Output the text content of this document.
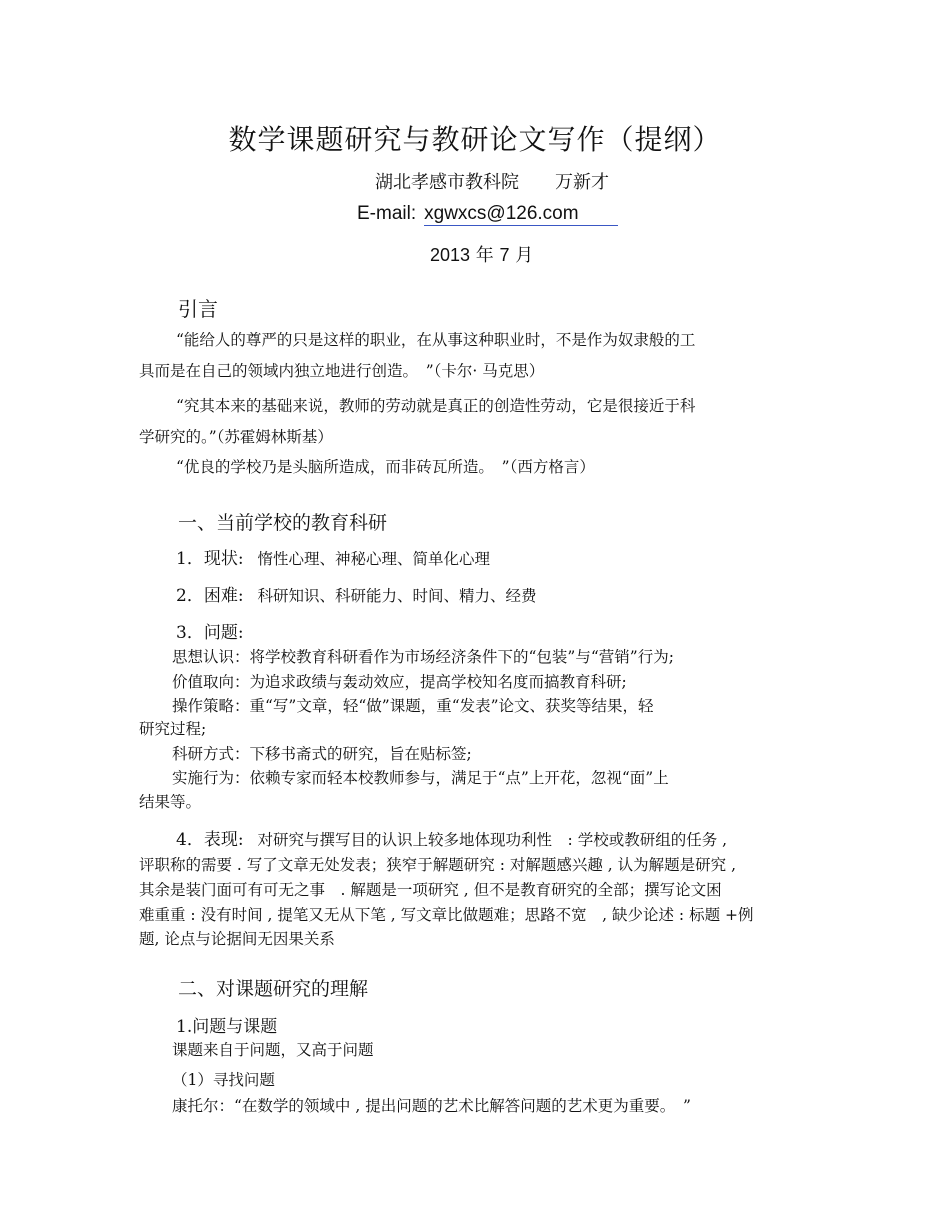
数学课题研究与教研论文写作（提纲）
湖北孝感市教科院 万新才
E-mail: xgwxcs@126.com
2013 年 7 月
引言
“能给人的尊严的只是这样的职业，在从事这种职业时，不是作为奴隶般的工
具而是在自己的领域内独立地进行创造。　”（卡尔· 马克思）
“究其本来的基础来说，教师的劳动就是真正的创造性劳动，它是很接近于科
学研究的。”（苏霍姆林斯基）
“优良的学校乃是头脑所造成，而非砖瓦所造。　”（西方格言）
一、当前学校的教育科研
1．现状: 惰性心理、神秘心理、简单化心理
2．困难: 科研知识、科研能力、时间、精力、经费
3．问题:
思想认识：将学校教育科研看作为市场经济条件下的“包装”与“营销”行为;
价值取向：为追求政绩与轰动效应，提高学校知名度而搞教育科研;
操作策略：重“写”文章，轻“做”课题，重“发表”论文、获奖等结果，轻
研究过程;
科研方式：下移书斋式的研究，旨在贴标签;
实施行为：依赖专家而轻本校教师参与，满足于“点”上开花，忽视“面”上
结果等。
4．表现: 对研究与撰写目的认识上较多地体现功利性　: 学校或教研组的任务 ,
评职称的需要 . 写了文章无处发表；狭窄于解题研究 : 对解题感兴趣 , 认为解题是研究 ,
其余是装门面可有可无之事　. 解题是一项研究 , 但不是教育研究的全部；撰写论文困
难重重 : 没有时间 , 提笔又无从下笔 , 写文章比做题难；思路不宽　, 缺少论述 : 标题 +例
题, 论点与论据间无因果关系
二、对课题研究的理解
1.问题与课题
课题来自于问题，又高于问题
（1）寻找问题
康托尔：“在数学的领域中 , 提出问题的艺术比解答问题的艺术更为重要。　”
